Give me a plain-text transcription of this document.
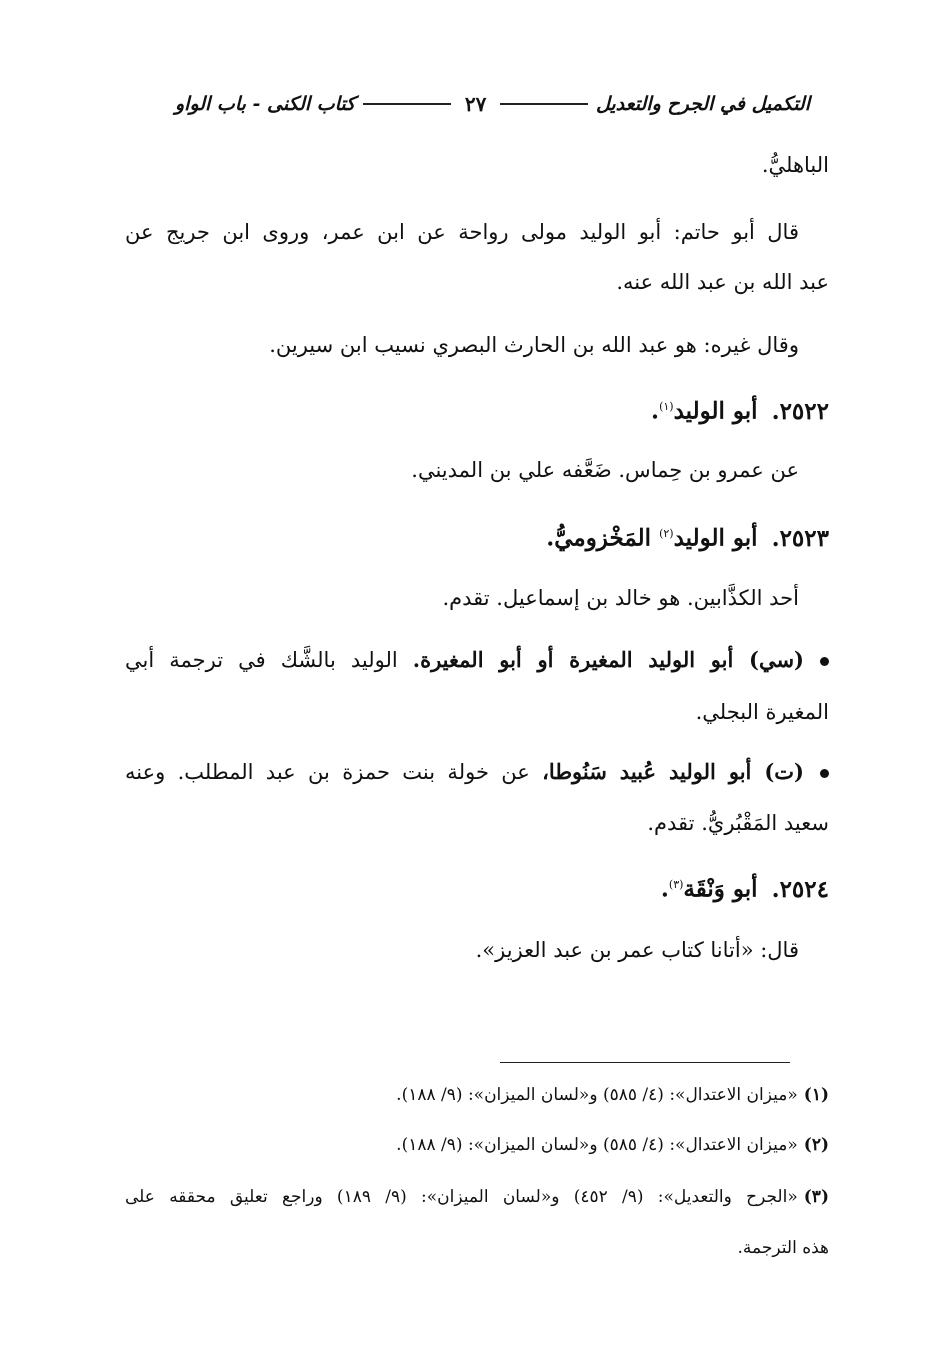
التكميل في الجرح والتعديل
٢٧
كتاب الكنى - باب الواو
الباهليُّ.
قال أبو حاتم: أبو الوليد مولى رواحة عن ابن عمر، وروى ابن جريج عن
عبد الله بن عبد الله عنه.
وقال غيره: هو عبد الله بن الحارث البصري نسيب ابن سيرين.
٢٥٢٢.أبو الوليد$^{(١)}$.
عن عمرو بن حِماس. ضَعَّفه علي بن المديني.
٢٥٢٣.أبو الوليد$^{(٢)}$ المَخْزوميُّ.
أحد الكذَّابين. هو خالد بن إسماعيل. تقدم.
(سي) أبو الوليد المغيرة أو أبو المغيرة. الوليد بالشَّك في ترجمة أبي
المغيرة البجلي.
(ت) أبو الوليد عُبيد سَنُوطا، عن خولة بنت حمزة بن عبد المطلب. وعنه
سعيد المَقْبُريُّ. تقدم.
٢٥٢٤.أبو وَنْقَة$^{(٣)}$.
قال: «أتانا كتاب عمر بن عبد العزيز».
(١)«ميزان الاعتدال»: (٤/ ٥٨٥) و«لسان الميزان»: (٩/ ١٨٨).
(٢)«ميزان الاعتدال»: (٤/ ٥٨٥) و«لسان الميزان»: (٩/ ١٨٨).
(٣)«الجرح والتعديل»: (٩/ ٤٥٢) و«لسان الميزان»: (٩/ ١٨٩) وراجع تعليق محققه على
هذه الترجمة.
